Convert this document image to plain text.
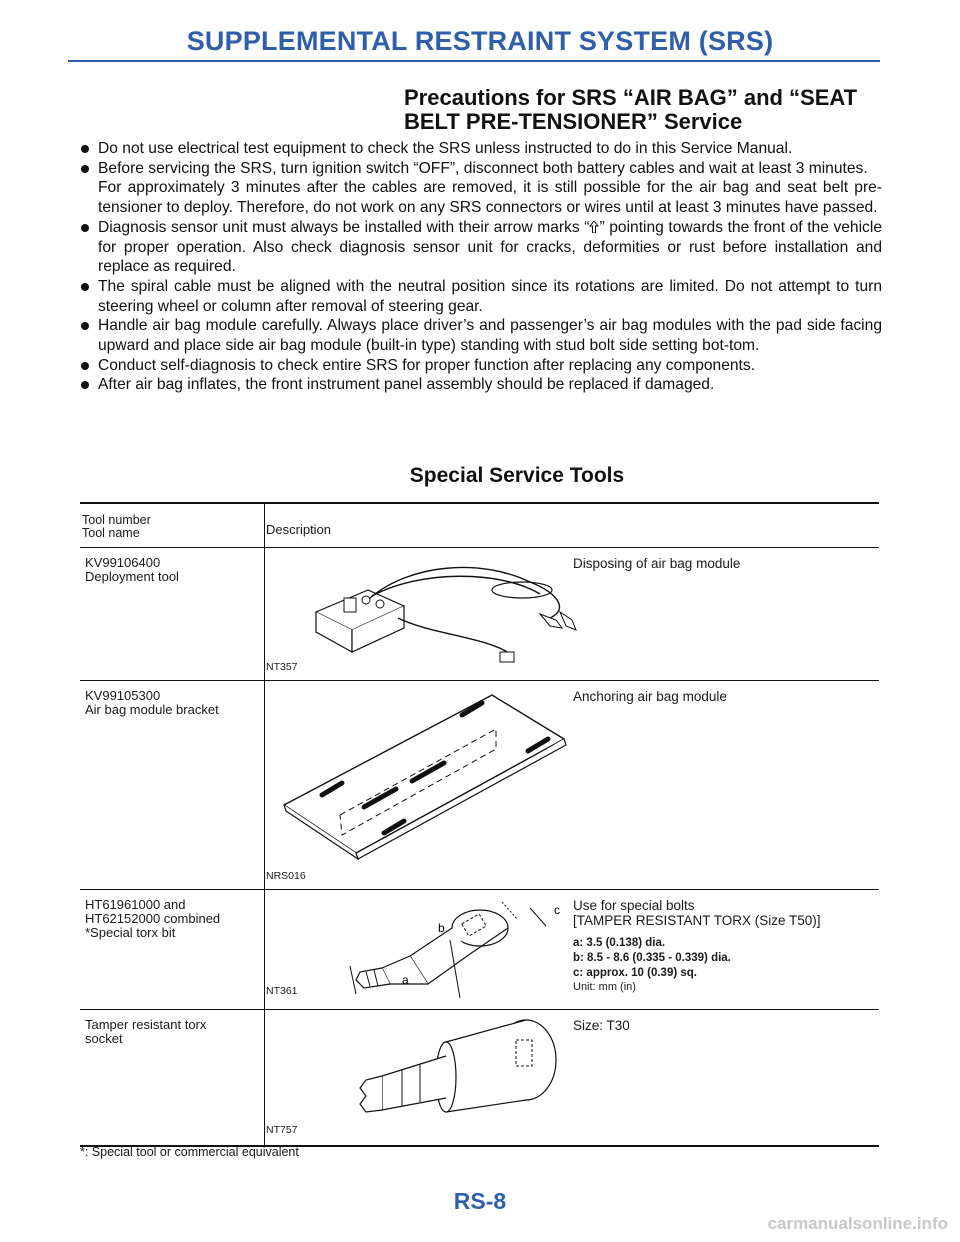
SUPPLEMENTAL RESTRAINT SYSTEM (SRS)
Precautions for SRS “AIR BAG” and “SEAT
BELT PRE-TENSIONER” Service
Do not use electrical test equipment to check the SRS unless instructed to do in this Service Manual.
Before servicing the SRS, turn ignition switch “OFF”, disconnect both battery cables and wait at least 3 minutes.
For approximately 3 minutes after the cables are removed, it is still possible for the air bag and seat belt pre-tensioner to deploy. Therefore, do not work on any SRS connectors or wires until at least 3 minutes have passed.
Diagnosis sensor unit must always be installed with their arrow marks “ ” pointing towards the front of the vehicle for proper operation. Also check diagnosis sensor unit for cracks, deformities or rust before installation and replace as required.
The spiral cable must be aligned with the neutral position since its rotations are limited. Do not attempt to turn steering wheel or column after removal of steering gear.
Handle air bag module carefully. Always place driver’s and passenger’s air bag modules with the pad side facing upward and place side air bag module (built-in type) standing with stud bolt side setting bot-tom.
Conduct self-diagnosis to check entire SRS for proper function after replacing any components.
After air bag inflates, the front instrument panel assembly should be replaced if damaged.
Special Service Tools
Tool number
Tool name	Description
KV99106400
Deployment tool
NT357
Disposing of air bag module
KV99105300
Air bag module bracket
NRS016
Anchoring air bag module
HT61961000 and
HT62152000 combined
*Special torx bit
c
b
a
NT361
Use for special bolts
[TAMPER RESISTANT TORX (Size T50)]
a: 3.5 (0.138) dia.
b: 8.5 - 8.6 (0.335 - 0.339) dia.
c: approx. 10 (0.39) sq.
Unit: mm (in)
Tamper resistant torx
socket
NT757
Size: T30
*: Special tool or commercial equivalent
RS-8
carmanualsonline.info
